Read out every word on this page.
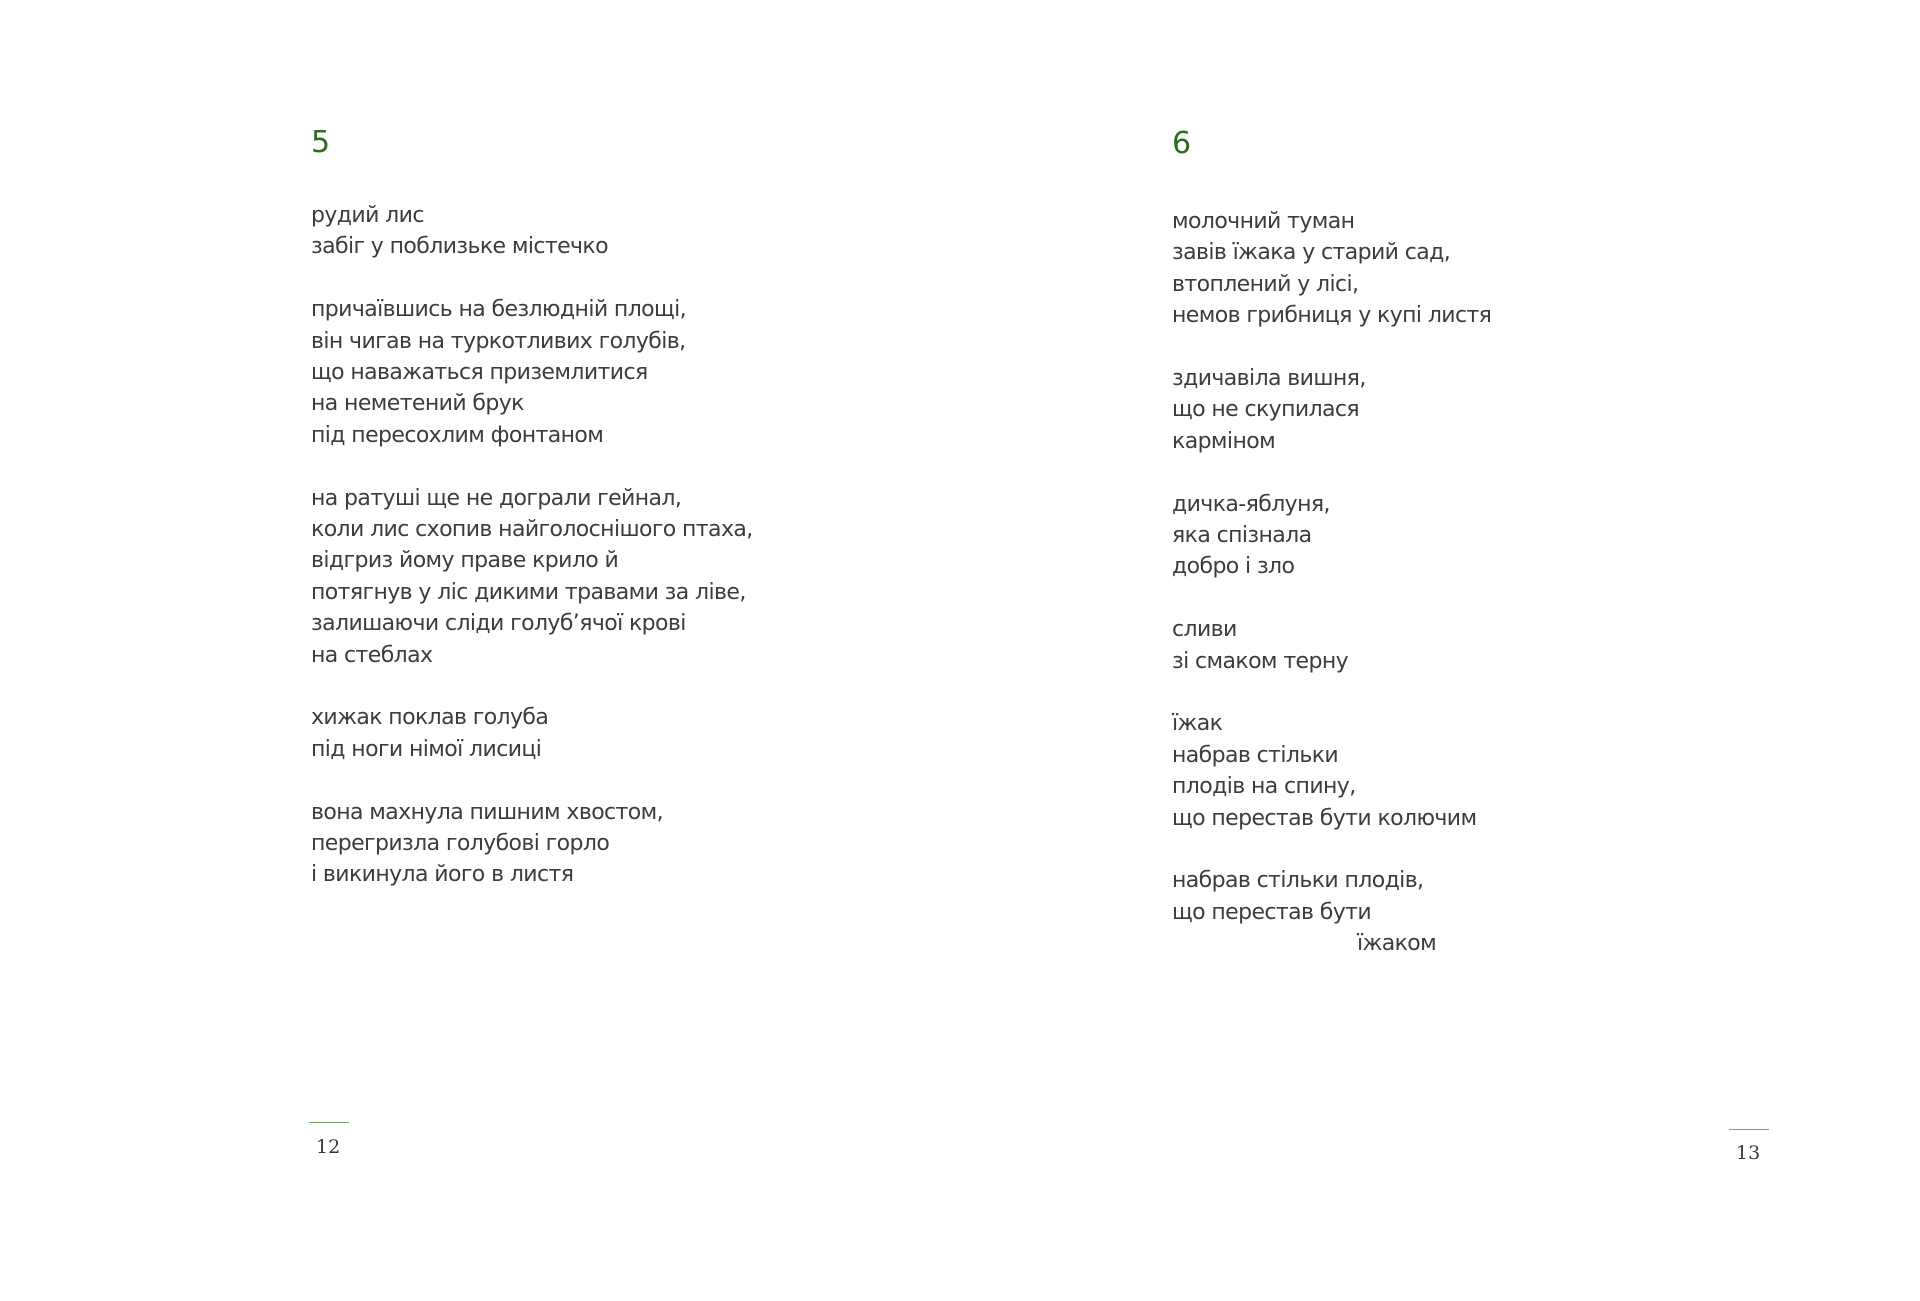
5

рудий лис
забіг у поблизьке містечко

причаївшись на безлюдній площі,
він чигав на туркотливих голубів,
що наважаться приземлитися
на неметений брук
під пересохлим фонтаном

на ратуші ще не дограли гейнал,
коли лис схопив найголоснішого птаха,
відгриз йому праве крило й
потягнув у ліс дикими травами за ліве,
залишаючи сліди голуб’ячої крові
на стеблах

хижак поклав голуба
під ноги німої лисиці

вона махнула пишним хвостом,
перегризла голубові горло
і викинула його в листя

12
6

молочний туман
завів їжака у старий сад,
втоплений у лісі,
немов грибниця у купі листя

здичавіла вишня,
що не скупилася
карміном

дичка-яблуня,
яка спізнала
добро і зло

сливи
зі смаком терну

їжак
набрав стільки
плодів на спину,
що перестав бути колючим

набрав стільки плодів,
що перестав бути
їжаком

13
